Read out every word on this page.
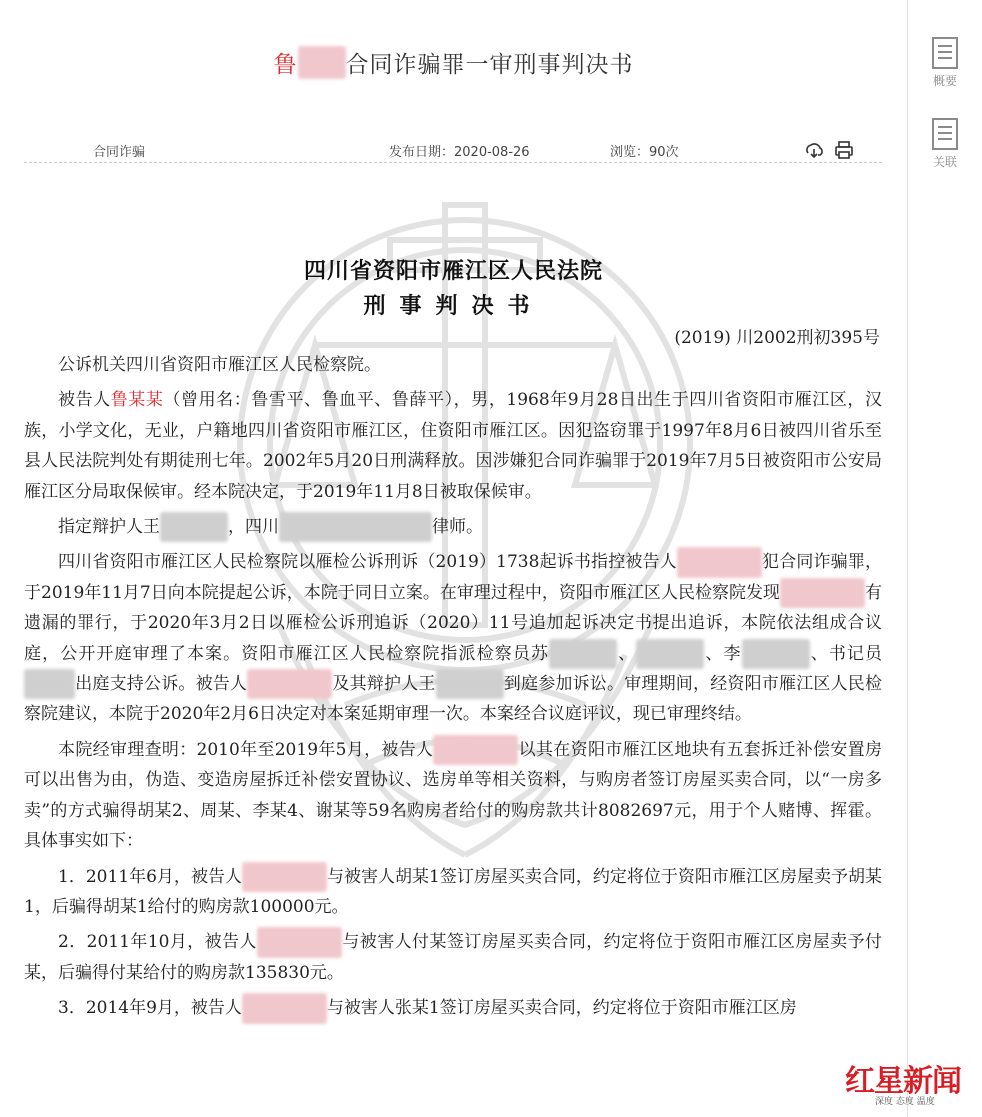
鲁 合同诈骗罪一审刑事判决书
合同诈骗	发布日期：2020-08-26	浏览：90次
四川省资阳市雁江区人民法院
刑事判决书
(2019) 川2002刑初395号

公诉机关四川省资阳市雁江区人民检察院。

被告人鲁某某（曾用名：鲁雪平、鲁血平、鲁薛平），男，1968年9月28日出生于四川省资阳市雁江区，汉族，小学文化，无业，户籍地四川省资阳市雁江区，住资阳市雁江区。因犯盗窃罪于1997年8月6日被四川省乐至县人民法院判处有期徒刑七年。2002年5月20日刑满释放。因涉嫌犯合同诈骗罪于2019年7月5日被资阳市公安局雁江区分局取保候审。经本院决定，于2019年11月8日被取保候审。

指定辩护人王	，四川	律师。

四川省资阳市雁江区人民检察院以雁检公诉刑诉（2019）1738起诉书指控被告人	犯合同诈骗罪，于2019年11月7日向本院提起公诉，本院于同日立案。在审理过程中，资阳市雁江区人民检察院发现	有遗漏的罪行，于2020年3月2日以雁检公诉刑追诉（2020）11号追加起诉决定书提出追诉，本院依法组成合议庭，公开开庭审理了本案。资阳市雁江区人民检察院指派检察员苏	、	、李	、书记员出庭支持公诉。被告人	及其辩护人王	到庭参加诉讼。审理期间，经资阳市雁江区人民检察院建议，本院于2020年2月6日决定对本案延期审理一次。本案经合议庭评议，现已审理终结。

本院经审理查明：2010年至2019年5月，被告人	以其在资阳市雁江区地块有五套拆迁补偿安置房可以出售为由，伪造、变造房屋拆迁补偿安置协议、选房单等相关资料，与购房者签订房屋买卖合同，以“一房多卖”的方式骗得胡某2、周某、李某4、谢某等59名购房者给付的购房款共计8082697元，用于个人赌博、挥霍。具体事实如下：

1．2011年6月，被告人	与被害人胡某1签订房屋买卖合同，约定将位于资阳市雁江区房屋卖予胡某1，后骗得胡某1给付的购房款100000元。

2．2011年10月，被告人	与被害人付某签订房屋买卖合同，约定将位于资阳市雁江区房屋卖予付某，后骗得付某给付的购房款135830元。

3．2014年9月，被告人	与被害人张某1签订房屋买卖合同，约定将位于资阳市雁江区房

概要
关联
红星新闻
深度 态度 温度
